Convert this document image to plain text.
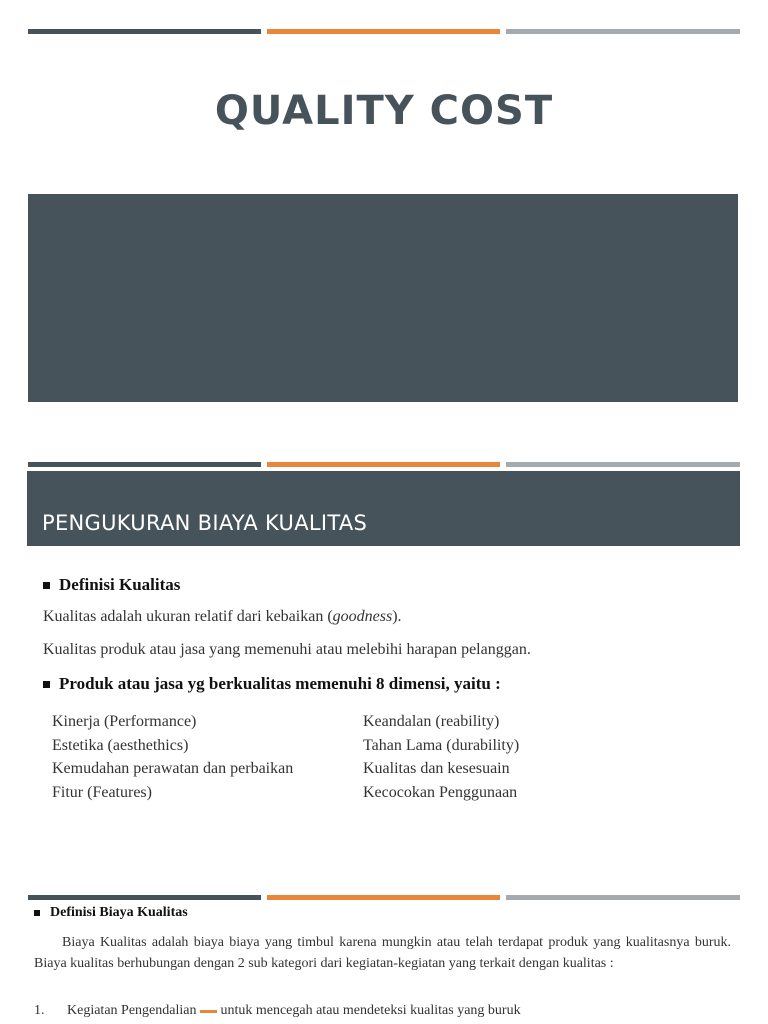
QUALITY COST
PENGUKURAN BIAYA KUALITAS
Definisi Kualitas
Kualitas adalah ukuran relatif dari kebaikan (goodness).
Kualitas produk atau jasa yang memenuhi atau melebihi harapan pelanggan.
Produk atau jasa yg berkualitas memenuhi 8 dimensi, yaitu :
Kinerja (Performance)
Estetika (aesthethics)
Kemudahan perawatan dan perbaikan
Fitur (Features)
Keandalan (reability)
Tahan Lama (durability)
Kualitas dan kesesuain
Kecocokan Penggunaan
Definisi Biaya Kualitas
Biaya Kualitas adalah biaya biaya yang timbul karena mungkin atau telah terdapat produk yang kualitasnya buruk. Biaya kualitas berhubungan dengan 2 sub kategori dari kegiatan-kegiatan yang terkait dengan kualitas :
1.	Kegiatan Pengendalian untuk mencegah atau mendeteksi kualitas yang buruk
